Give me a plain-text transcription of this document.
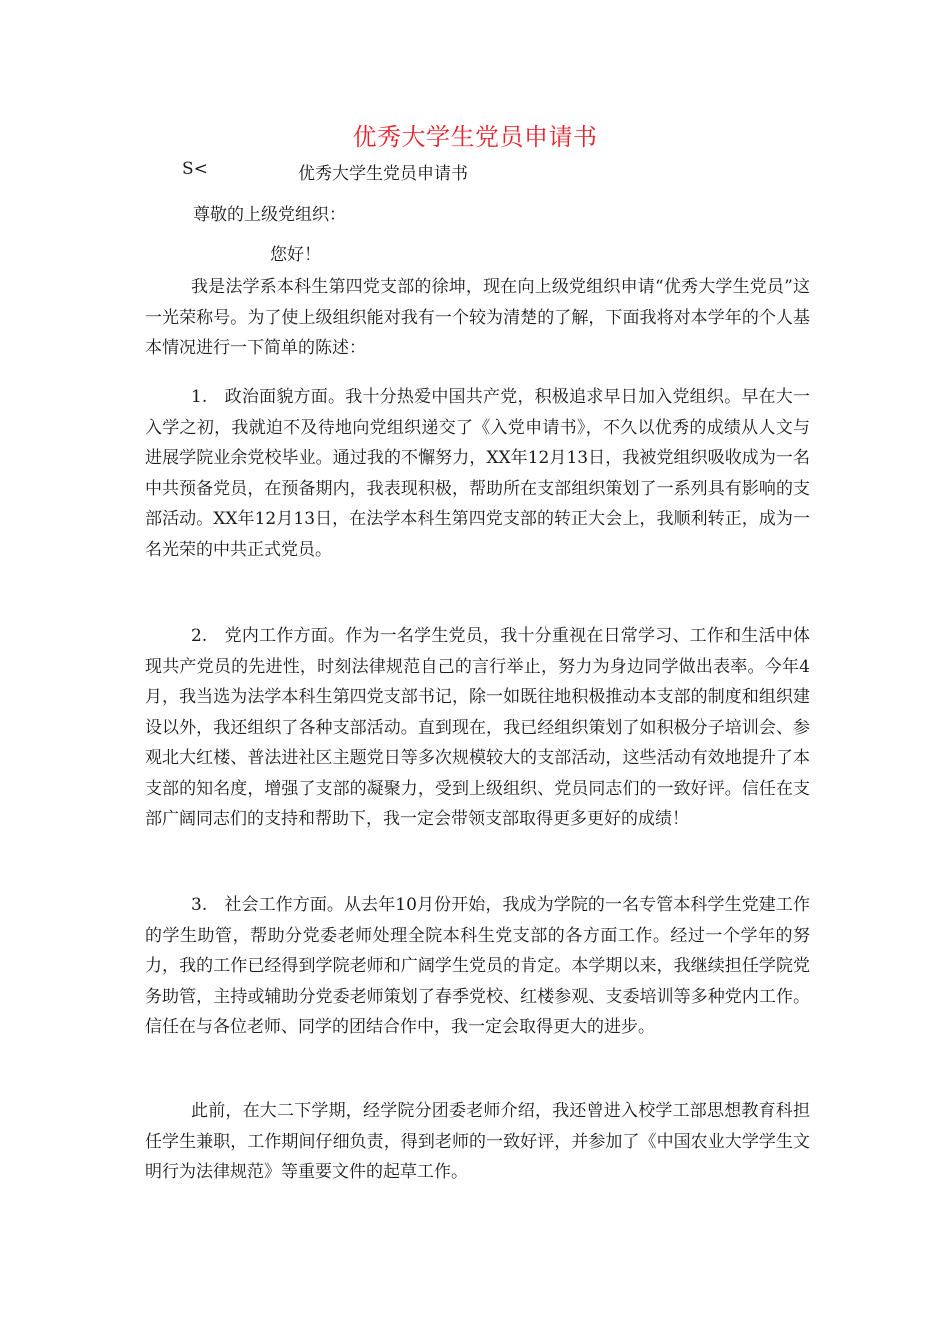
优秀大学生党员申请书
S<	优秀大学生党员申请书
尊敬的上级党组织：
您好！

我是法学系本科生第四党支部的徐坤，现在向上级党组织申请“优秀大学生党员”这一光荣称号。为了使上级组织能对我有一个较为清楚的了解，下面我将对本学年的个人基本情况进行一下简单的陈述：

1.　政治面貌方面。我十分热爱中国共产党，积极追求早日加入党组织。早在大一入学之初，我就迫不及待地向党组织递交了《入党申请书》，不久以优秀的成绩从人文与进展学院业余党校毕业。通过我的不懈努力，XX年12月13日，我被党组织吸收成为一名中共预备党员，在预备期内，我表现积极，帮助所在支部组织策划了一系列具有影响的支部活动。XX年12月13日，在法学本科生第四党支部的转正大会上，我顺利转正，成为一名光荣的中共正式党员。

2.　党内工作方面。作为一名学生党员，我十分重视在日常学习、工作和生活中体现共产党员的先进性，时刻法律规范自己的言行举止，努力为身边同学做出表率。今年4月，我当选为法学本科生第四党支部书记，除一如既往地积极推动本支部的制度和组织建设以外，我还组织了各种支部活动。直到现在，我已经组织策划了如积极分子培训会、参观北大红楼、普法进社区主题党日等多次规模较大的支部活动，这些活动有效地提升了本支部的知名度，增强了支部的凝聚力，受到上级组织、党员同志们的一致好评。信任在支部广阔同志们的支持和帮助下，我一定会带领支部取得更多更好的成绩！

3.　社会工作方面。从去年10月份开始，我成为学院的一名专管本科学生党建工作的学生助管，帮助分党委老师处理全院本科生党支部的各方面工作。经过一个学年的努力，我的工作已经得到学院老师和广阔学生党员的肯定。本学期以来，我继续担任学院党务助管，主持或辅助分党委老师策划了春季党校、红楼参观、支委培训等多种党内工作。信任在与各位老师、同学的团结合作中，我一定会取得更大的进步。

此前，在大二下学期，经学院分团委老师介绍，我还曾进入校学工部思想教育科担任学生兼职，工作期间仔细负责，得到老师的一致好评，并参加了《中国农业大学学生文明行为法律规范》等重要文件的起草工作。
